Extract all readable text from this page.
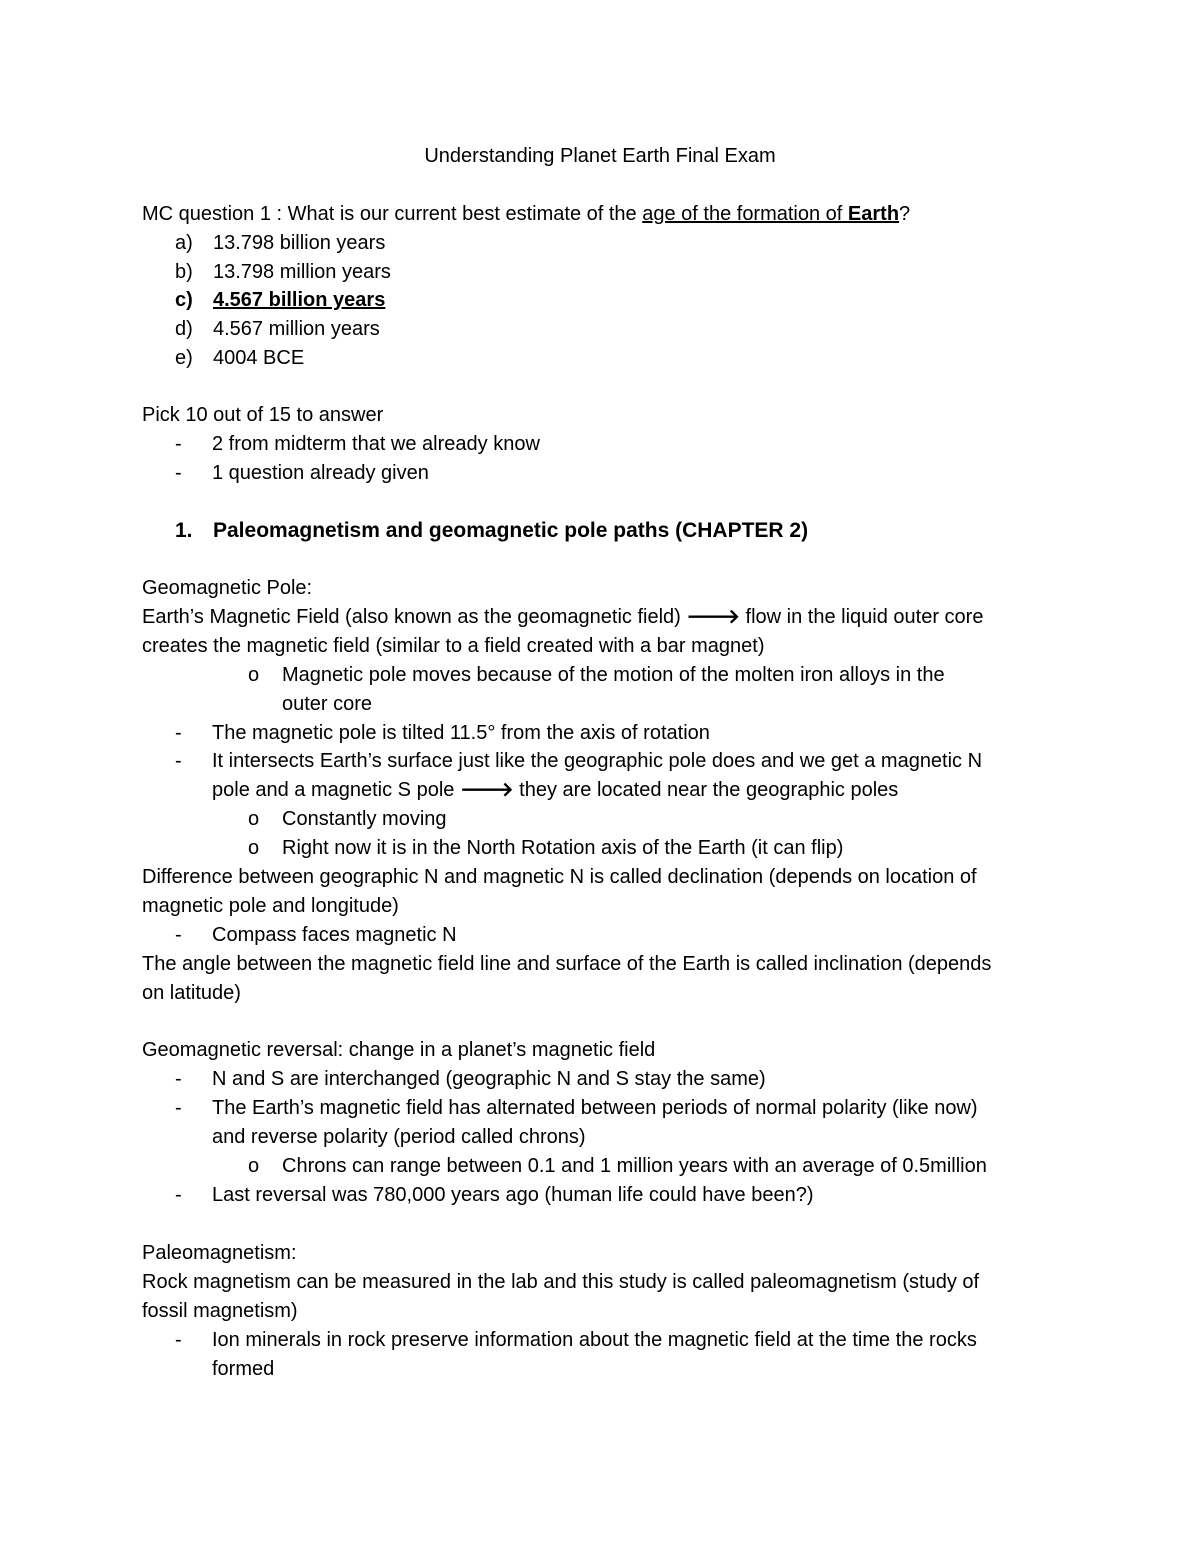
Understanding Planet Earth Final Exam
MC question 1 : What is our current best estimate of the age of the formation of Earth?
a) 13.798 billion years
b) 13.798 million years
c) 4.567 billion years
d) 4.567 million years
e) 4004 BCE
Pick 10 out of 15 to answer
- 2 from midterm that we already know
- 1 question already given
1. Paleomagnetism and geomagnetic pole paths (CHAPTER 2)
Geomagnetic Pole:
Earth’s Magnetic Field (also known as the geomagnetic field) 🡒 flow in the liquid outer core
creates the magnetic field (similar to a field created with a bar magnet)
o Magnetic pole moves because of the motion of the molten iron alloys in the
outer core
- The magnetic pole is tilted 11.5° from the axis of rotation
- It intersects Earth’s surface just like the geographic pole does and we get a magnetic N
pole and a magnetic S pole 🡒 they are located near the geographic poles
o Constantly moving
o Right now it is in the North Rotation axis of the Earth (it can flip)
Difference between geographic N and magnetic N is called declination (depends on location of
magnetic pole and longitude)
- Compass faces magnetic N
The angle between the magnetic field line and surface of the Earth is called inclination (depends
on latitude)
Geomagnetic reversal: change in a planet’s magnetic field
- N and S are interchanged (geographic N and S stay the same)
- The Earth’s magnetic field has alternated between periods of normal polarity (like now)
and reverse polarity (period called chrons)
o Chrons can range between 0.1 and 1 million years with an average of 0.5million
- Last reversal was 780,000 years ago (human life could have been?)
Paleomagnetism:
Rock magnetism can be measured in the lab and this study is called paleomagnetism (study of
fossil magnetism)
- Ion minerals in rock preserve information about the magnetic field at the time the rocks
formed
